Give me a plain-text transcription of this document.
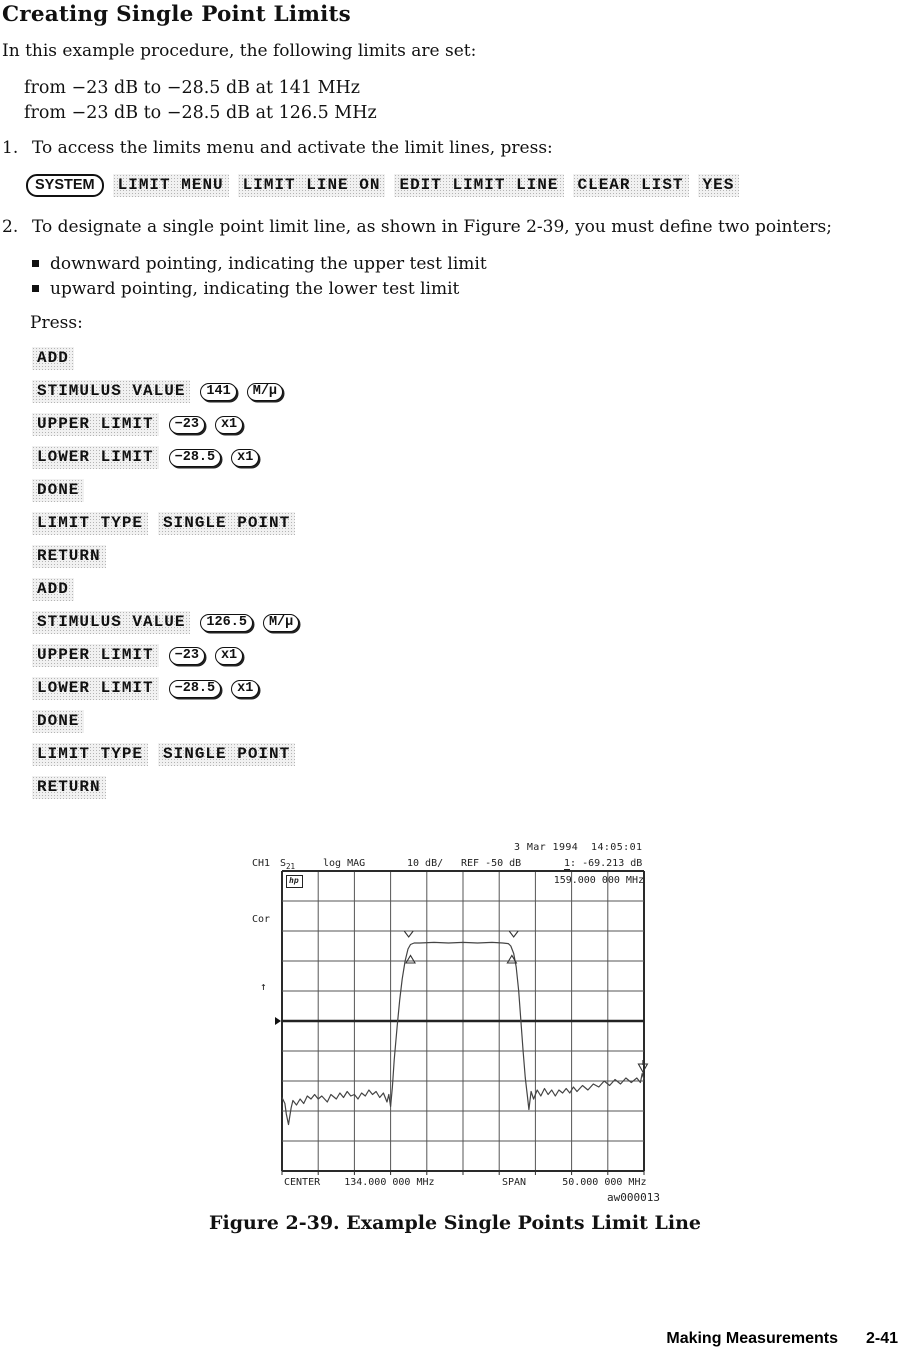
Creating Single Point Limits

In this example procedure, the following limits are set:

from −23 dB to −28.5 dB at 141 MHz
from −23 dB to −28.5 dB at 126.5 MHz
1. To access the limits menu and activate the limit lines, press:
SYSTEM	LIMIT MENU	LIMIT LINE ON	EDIT LIMIT LINE	CLEAR LIST	YES
2. To designate a single point limit line, as shown in Figure 2-39, you must define two pointers;
downward pointing, indicating the upper test limit
upward pointing, indicating the lower test limit

Press:

ADD
STIMULUS VALUE	141	M/μ
UPPER LIMIT	−23	x1
LOWER LIMIT	−28.5	x1
DONE
LIMIT TYPE	SINGLE POINT
RETURN
ADD
STIMULUS VALUE	126.5	M/μ
UPPER LIMIT	−23	x1
LOWER LIMIT	−28.5	x1
DONE
LIMIT TYPE	SINGLE POINT
RETURN
3 Mar 1994  14:05:01
CH1 $S_{21}$	log MAG	10 dB/ REF -50 dB	1: -69.213 dB
hp	159.000 000 MHz
Cor
↑
CENTER    134.000 000 MHz	SPAN      50.000 000 MHz
aw000013
Figure 2-39. Example Single Points Limit Line
Making Measurements 2-41
